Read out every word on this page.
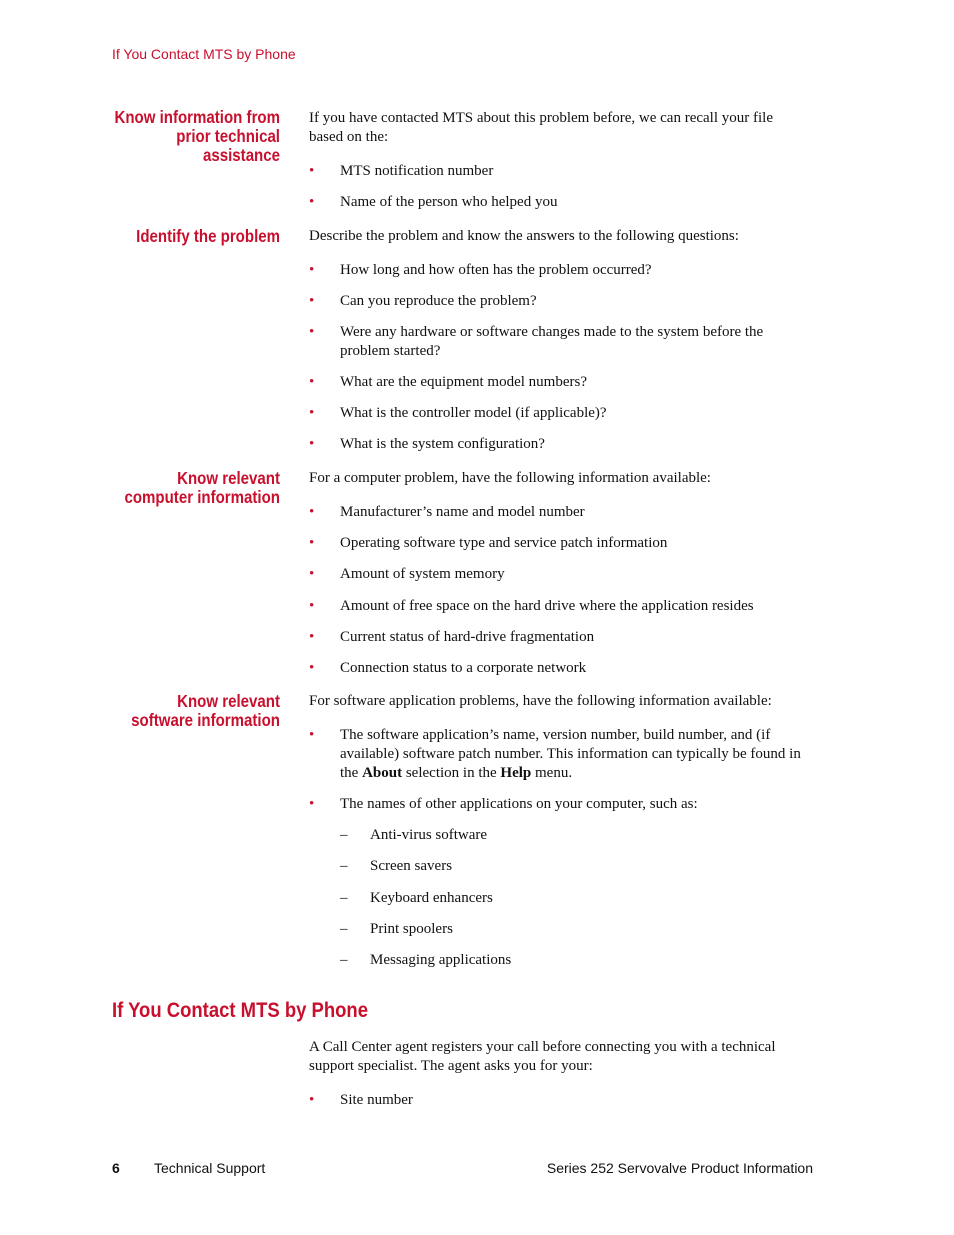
If You Contact MTS by Phone
Know information from
prior technical
assistance
If you have contacted MTS about this problem before, we can recall your file based on the:
• MTS notification number
• Name of the person who helped you
Identify the problem Describe the problem and know the answers to the following questions:
• How long and how often has the problem occurred?
• Can you reproduce the problem?
• Were any hardware or software changes made to the system before the problem started?
• What are the equipment model numbers?
• What is the controller model (if applicable)?
• What is the system configuration?
Know relevant
computer information
For a computer problem, have the following information available:
• Manufacturer’s name and model number
• Operating software type and service patch information
• Amount of system memory
• Amount of free space on the hard drive where the application resides
• Current status of hard-drive fragmentation
• Connection status to a corporate network
Know relevant
software information
For software application problems, have the following information available:
• The software application’s name, version number, build number, and (if available) software patch number. This information can typically be found in the About selection in the Help menu.
• The names of other applications on your computer, such as:
– Anti-virus software
– Screen savers
– Keyboard enhancers
– Print spoolers
– Messaging applications
If You Contact MTS by Phone
A Call Center agent registers your call before connecting you with a technical support specialist. The agent asks you for your:
• Site number
6 Technical Support	Series 252 Servovalve Product Information
